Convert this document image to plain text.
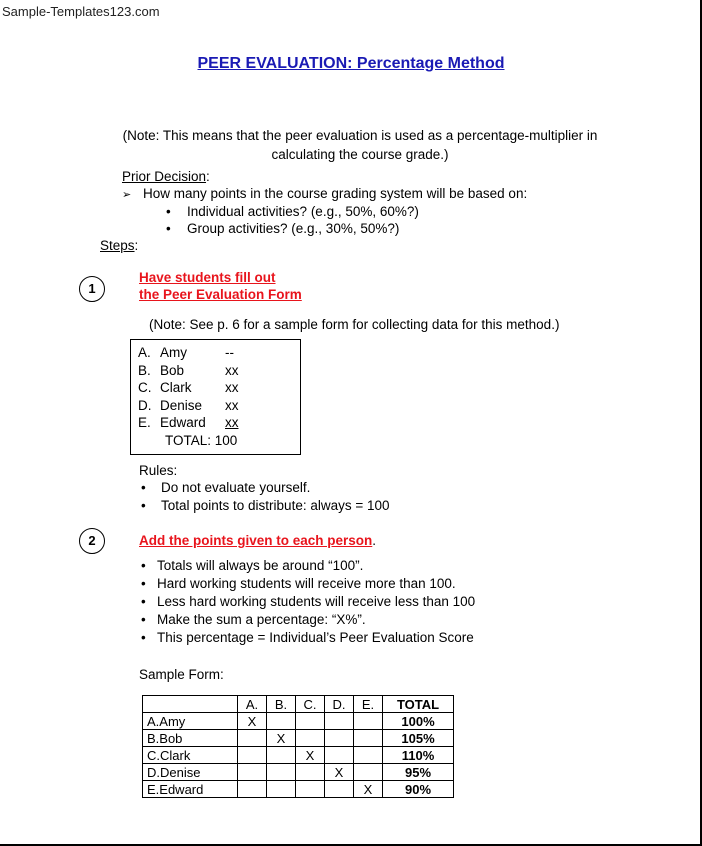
Sample-Templates123.com
PEER EVALUATION: Percentage Method
(Note: This means that the peer evaluation is used as a percentage-multiplier in
calculating the course grade.)
Prior Decision:
➢ How many points in the course grading system will be based on:
• Individual activities? (e.g., 50%, 60%?)
• Group activities? (e.g., 30%, 50%?)
Steps:
1
Have students fill out
the Peer Evaluation Form
(Note: See p. 6 for a sample form for collecting data for this method.)
A. Amy	--
B. Bob	xx
C. Clark xx
D. Denise xx
E. Edward xx
TOTAL: 100
Rules:
• Do not evaluate yourself.
• Total points to distribute: always = 100
2	Add the points given to each person.
• Totals will always be around “100”.
• Hard working students will receive more than 100.
• Less hard working students will receive less than 100
• Make the sum a percentage: “X%”.
• This percentage = Individual’s Peer Evaluation Score
Sample Form:
	A.	B.	C.	D.	E.	TOTAL
A.Amy	X					100%
B.Bob		X				105%
C.Clark			X			110%
D.Denise				X		95%
E.Edward					X	90%
